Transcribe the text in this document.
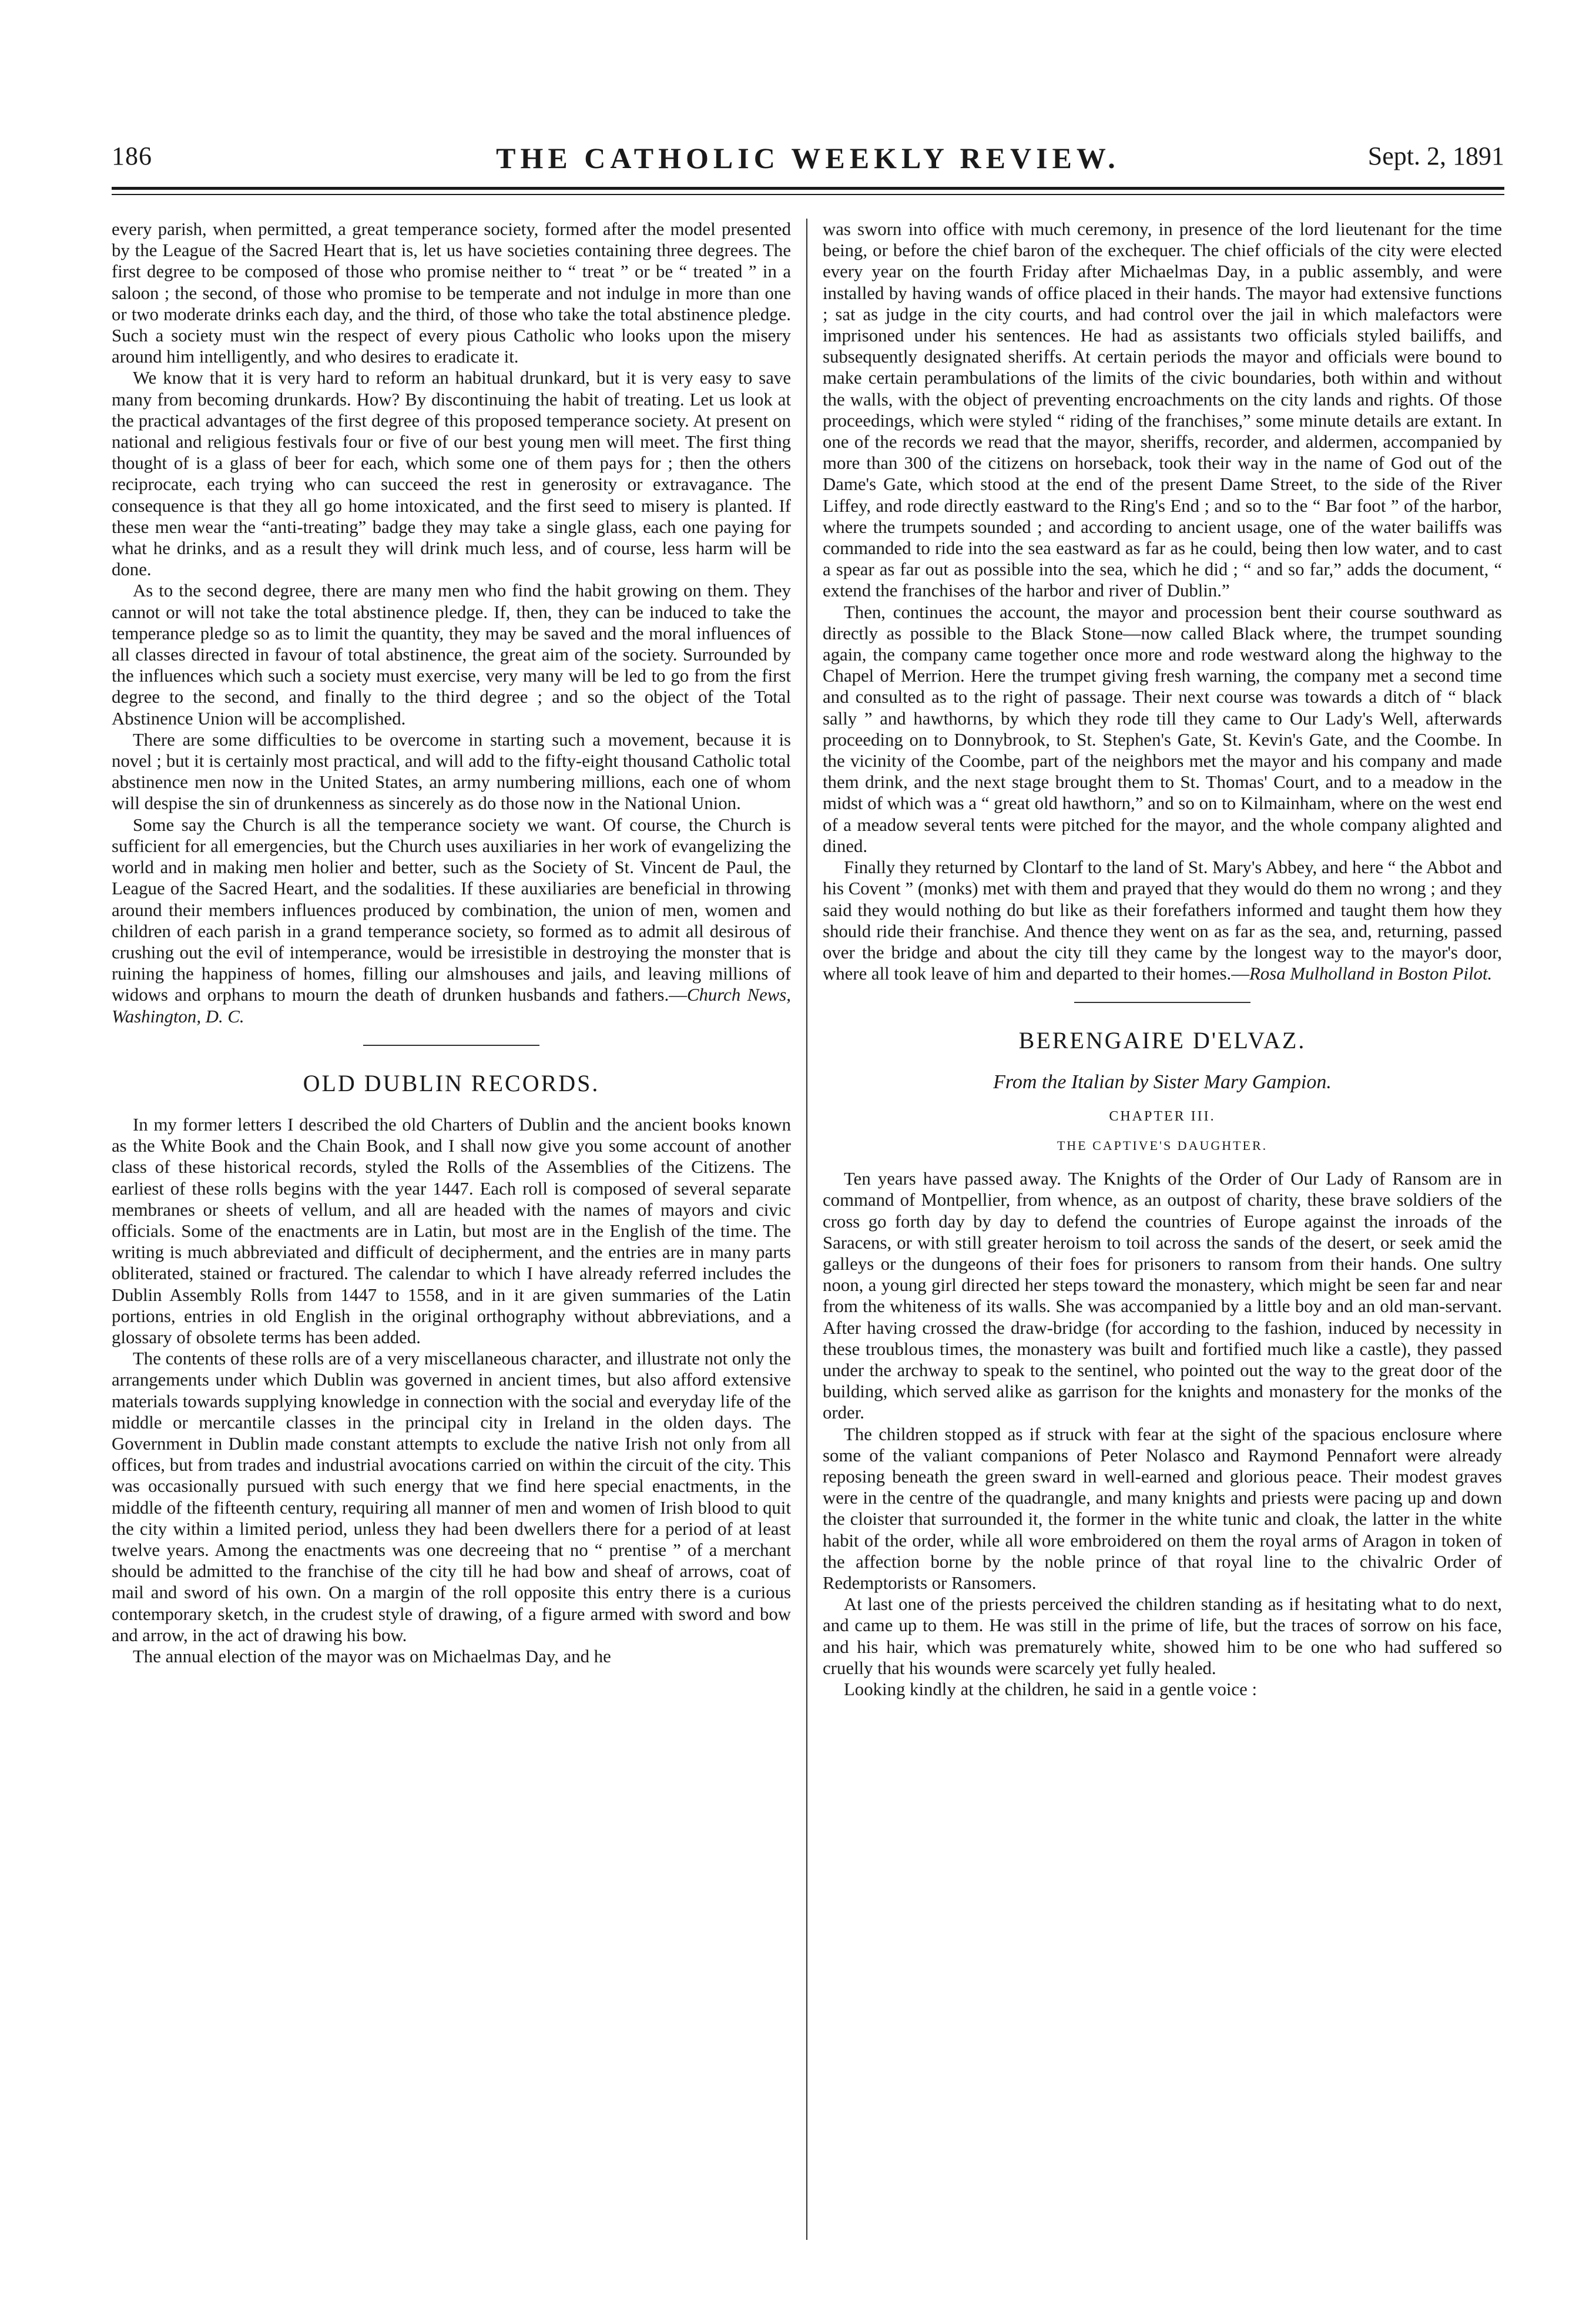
186	THE CATHOLIC WEEKLY REVIEW.	Sept. 2, 1891

every parish, when permitted, a great temperance society, formed after the model presented by the League of the Sacred Heart that is, let us have societies containing three degrees. The first degree to be composed of those who promise neither to “ treat ” or be “ treated ” in a saloon ; the second, of those who promise to be temperate and not indulge in more than one or two moderate drinks each day, and the third, of those who take the total abstinence pledge. Such a society must win the respect of every pious Catholic who looks upon the misery around him intelligently, and who desires to eradicate it.

We know that it is very hard to reform an habitual drunkard, but it is very easy to save many from becoming drunkards. How? By discontinuing the habit of treating. Let us look at the practical advantages of the first degree of this proposed temperance society. At present on national and religious festivals four or five of our best young men will meet. The first thing thought of is a glass of beer for each, which some one of them pays for ; then the others reciprocate, each trying who can succeed the rest in generosity or extravagance. The consequence is that they all go home intoxicated, and the first seed to misery is planted. If these men wear the “anti-treating” badge they may take a single glass, each one paying for what he drinks, and as a result they will drink much less, and of course, less harm will be done.

As to the second degree, there are many men who find the habit growing on them. They cannot or will not take the total abstinence pledge. If, then, they can be induced to take the temperance pledge so as to limit the quantity, they may be saved and the moral influences of all classes directed in favour of total abstinence, the great aim of the society. Surrounded by the influences which such a society must exercise, very many will be led to go from the first degree to the second, and finally to the third degree ; and so the object of the Total Abstinence Union will be accomplished.

There are some difficulties to be overcome in starting such a movement, because it is novel ; but it is certainly most practical, and will add to the fifty-eight thousand Catholic total abstinence men now in the United States, an army numbering millions, each one of whom will despise the sin of drunkenness as sincerely as do those now in the National Union.

Some say the Church is all the temperance society we want. Of course, the Church is sufficient for all emergencies, but the Church uses auxiliaries in her work of evangelizing the world and in making men holier and better, such as the Society of St. Vincent de Paul, the League of the Sacred Heart, and the sodalities. If these auxiliaries are beneficial in throwing around their members influences produced by combination, the union of men, women and children of each parish in a grand temperance society, so formed as to admit all desirous of crushing out the evil of intemperance, would be irresistible in destroying the monster that is ruining the happiness of homes, filling our almshouses and jails, and leaving millions of widows and orphans to mourn the death of drunken husbands and fathers.—Church News, Washington, D. C.

OLD DUBLIN RECORDS.

In my former letters I described the old Charters of Dublin and the ancient books known as the White Book and the Chain Book, and I shall now give you some account of another class of these historical records, styled the Rolls of the Assemblies of the Citizens. The earliest of these rolls begins with the year 1447. Each roll is composed of several separate membranes or sheets of vellum, and all are headed with the names of mayors and civic officials. Some of the enactments are in Latin, but most are in the English of the time. The writing is much abbreviated and difficult of decipherment, and the entries are in many parts obliterated, stained or fractured. The calendar to which I have already referred includes the Dublin Assembly Rolls from 1447 to 1558, and in it are given summaries of the Latin portions, entries in old English in the original orthography without abbreviations, and a glossary of obsolete terms has been added.

The contents of these rolls are of a very miscellaneous character, and illustrate not only the arrangements under which Dublin was governed in ancient times, but also afford extensive materials towards supplying knowledge in connection with the social and everyday life of the middle or mercantile classes in the principal city in Ireland in the olden days. The Government in Dublin made constant attempts to exclude the native Irish not only from all offices, but from trades and industrial avocations carried on within the circuit of the city. This was occasionally pursued with such energy that we find here special enactments, in the middle of the fifteenth century, requiring all manner of men and women of Irish blood to quit the city within a limited period, unless they had been dwellers there for a period of at least twelve years. Among the enactments was one decreeing that no “ prentise ” of a merchant should be admitted to the franchise of the city till he had bow and sheaf of arrows, coat of mail and sword of his own. On a margin of the roll opposite this entry there is a curious contemporary sketch, in the crudest style of drawing, of a figure armed with sword and bow and arrow, in the act of drawing his bow.

The annual election of the mayor was on Michaelmas Day, and he

was sworn into office with much ceremony, in presence of the lord lieutenant for the time being, or before the chief baron of the exchequer. The chief officials of the city were elected every year on the fourth Friday after Michaelmas Day, in a public assembly, and were installed by having wands of office placed in their hands. The mayor had extensive functions ; sat as judge in the city courts, and had control over the jail in which malefactors were imprisoned under his sentences. He had as assistants two officials styled bailiffs, and subsequently designated sheriffs. At certain periods the mayor and officials were bound to make certain perambulations of the limits of the civic boundaries, both within and without the walls, with the object of preventing encroachments on the city lands and rights. Of those proceedings, which were styled “ riding of the franchises,” some minute details are extant. In one of the records we read that the mayor, sheriffs, recorder, and aldermen, accompanied by more than 300 of the citizens on horseback, took their way in the name of God out of the Dame's Gate, which stood at the end of the present Dame Street, to the side of the River Liffey, and rode directly eastward to the Ring's End ; and so to the “ Bar foot ” of the harbor, where the trumpets sounded ; and according to ancient usage, one of the water bailiffs was commanded to ride into the sea eastward as far as he could, being then low water, and to cast a spear as far out as possible into the sea, which he did ; “ and so far,” adds the document, “ extend the franchises of the harbor and river of Dublin.”

Then, continues the account, the mayor and procession bent their course southward as directly as possible to the Black Stone—now called Black where, the trumpet sounding again, the company came together once more and rode westward along the highway to the Chapel of Merrion. Here the trumpet giving fresh warning, the company met a second time and consulted as to the right of passage. Their next course was towards a ditch of “ black sally ” and hawthorns, by which they rode till they came to Our Lady's Well, afterwards proceeding on to Donnybrook, to St. Stephen's Gate, St. Kevin's Gate, and the Coombe. In the vicinity of the Coombe, part of the neighbors met the mayor and his company and made them drink, and the next stage brought them to St. Thomas' Court, and to a meadow in the midst of which was a “ great old hawthorn,” and so on to Kilmainham, where on the west end of a meadow several tents were pitched for the mayor, and the whole company alighted and dined.

Finally they returned by Clontarf to the land of St. Mary's Abbey, and here “ the Abbot and his Covent ” (monks) met with them and prayed that they would do them no wrong ; and they said they would nothing do but like as their forefathers informed and taught them how they should ride their franchise. And thence they went on as far as the sea, and, returning, passed over the bridge and about the city till they came by the longest way to the mayor's door, where all took leave of him and departed to their homes.—Rosa Mulholland in Boston Pilot.

BERENGAIRE D'ELVAZ.
From the Italian by Sister Mary Gampion.
CHAPTER III.
THE CAPTIVE'S DAUGHTER.

Ten years have passed away. The Knights of the Order of Our Lady of Ransom are in command of Montpellier, from whence, as an outpost of charity, these brave soldiers of the cross go forth day by day to defend the countries of Europe against the inroads of the Saracens, or with still greater heroism to toil across the sands of the desert, or seek amid the galleys or the dungeons of their foes for prisoners to ransom from their hands. One sultry noon, a young girl directed her steps toward the monastery, which might be seen far and near from the whiteness of its walls. She was accompanied by a little boy and an old man-servant. After having crossed the draw-bridge (for according to the fashion, induced by necessity in these troublous times, the monastery was built and fortified much like a castle), they passed under the archway to speak to the sentinel, who pointed out the way to the great door of the building, which served alike as garrison for the knights and monastery for the monks of the order.

The children stopped as if struck with fear at the sight of the spacious enclosure where some of the valiant companions of Peter Nolasco and Raymond Pennafort were already reposing beneath the green sward in well-earned and glorious peace. Their modest graves were in the centre of the quadrangle, and many knights and priests were pacing up and down the cloister that surrounded it, the former in the white tunic and cloak, the latter in the white habit of the order, while all wore embroidered on them the royal arms of Aragon in token of the affection borne by the noble prince of that royal line to the chivalric Order of Redemptorists or Ransomers.

At last one of the priests perceived the children standing as if hesitating what to do next, and came up to them. He was still in the prime of life, but the traces of sorrow on his face, and his hair, which was prematurely white, showed him to be one who had suffered so cruelly that his wounds were scarcely yet fully healed.

Looking kindly at the children, he said in a gentle voice :
